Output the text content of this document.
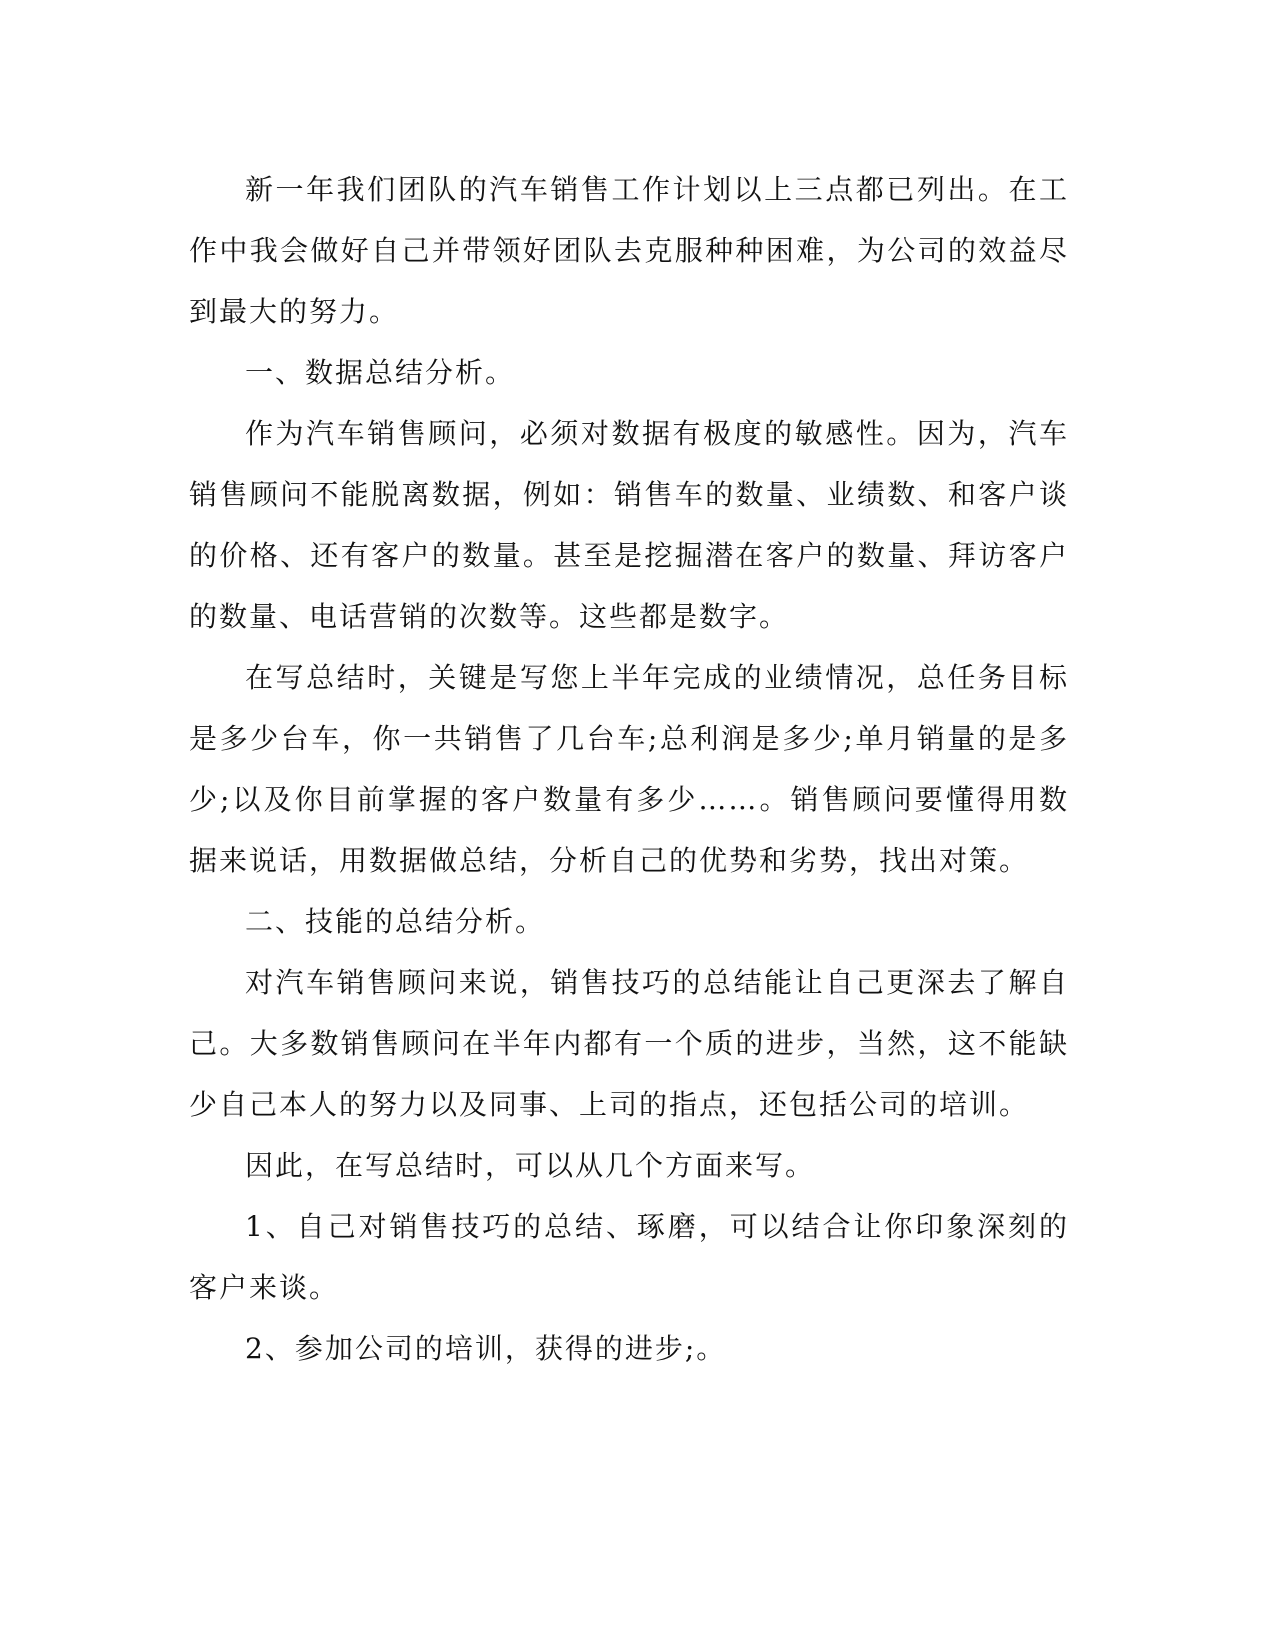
新一年我们团队的汽车销售工作计划以上三点都已列出。在工作中我会做好自己并带领好团队去克服种种困难，为公司的效益尽到最大的努力。

一、数据总结分析。

作为汽车销售顾问，必须对数据有极度的敏感性。因为，汽车销售顾问不能脱离数据，例如：销售车的数量、业绩数、和客户谈的价格、还有客户的数量。甚至是挖掘潜在客户的数量、拜访客户的数量、电话营销的次数等。这些都是数字。

在写总结时，关键是写您上半年完成的业绩情况，总任务目标是多少台车，你一共销售了几台车;总利润是多少;单月销量的是多少;以及你目前掌握的客户数量有多少……。销售顾问要懂得用数据来说话，用数据做总结，分析自己的优势和劣势，找出对策。

二、技能的总结分析。

对汽车销售顾问来说，销售技巧的总结能让自己更深去了解自己。大多数销售顾问在半年内都有一个质的进步，当然，这不能缺少自己本人的努力以及同事、上司的指点，还包括公司的培训。

因此，在写总结时，可以从几个方面来写。

1、自己对销售技巧的总结、琢磨，可以结合让你印象深刻的客户来谈。

2、参加公司的培训，获得的进步;。
